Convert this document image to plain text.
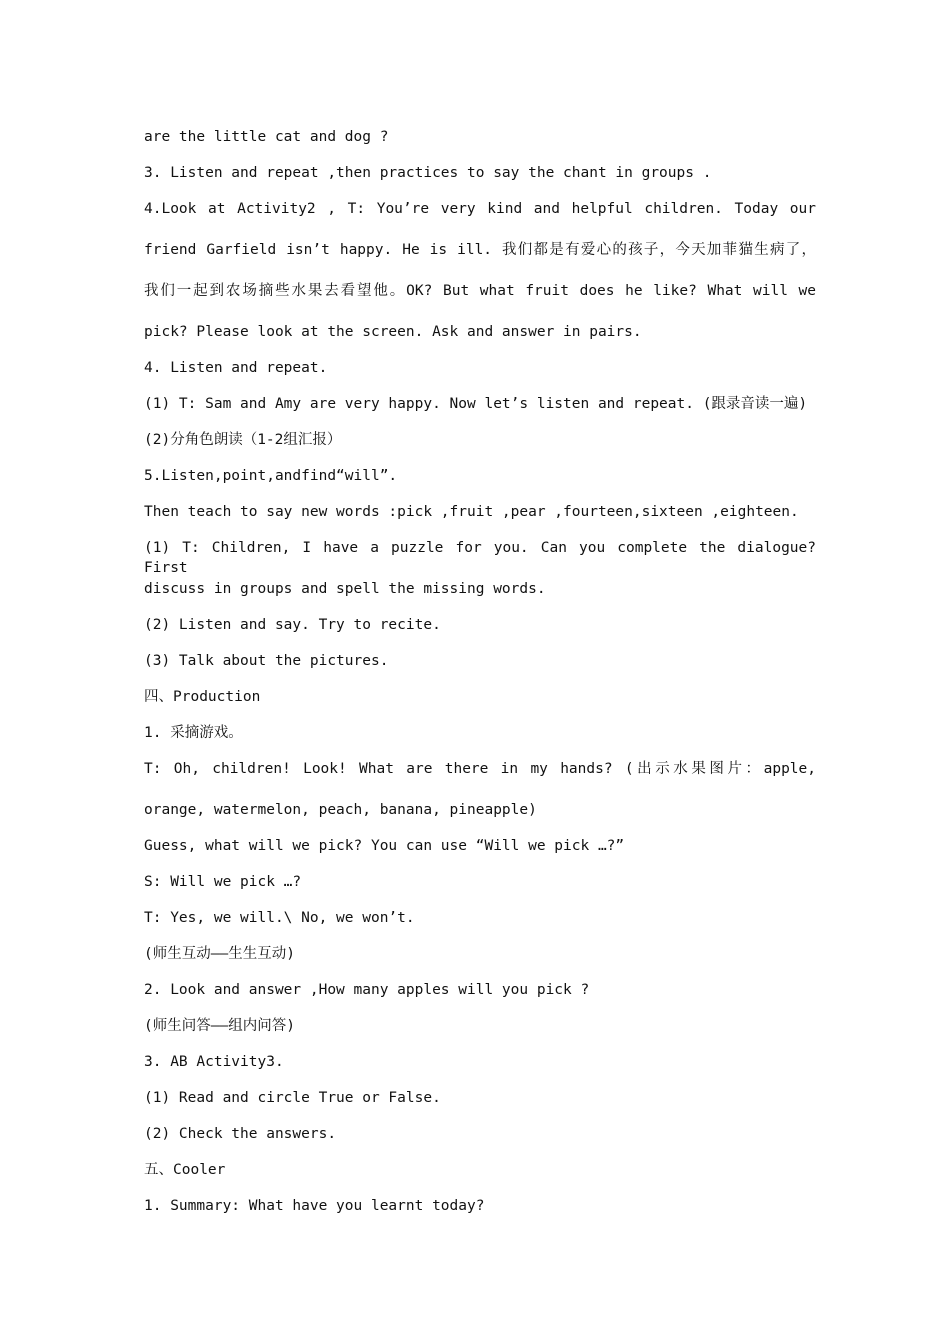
are the little cat and dog ?

3. Listen and repeat ,then practices to say the chant in groups .

4.Look at Activity2 , T: You’re very kind and helpful children. Today our

friend Garfield isn’t happy. He is ill. 我们都是有爱心的孩子，今天加菲猫生病了，

我们一起到农场摘些水果去看望他。OK? But what fruit does he like? What will we

pick? Please look at the screen. Ask and answer in pairs.

4. Listen and repeat.

(1) T: Sam and Amy are very happy. Now let’s listen and repeat. (跟录音读一遍)

(2)分角色朗读（1-2组汇报）

5.Listen,point,andfind“will”.

Then teach to say new words :pick ,fruit ,pear ,fourteen,sixteen ,eighteen.

(1) T: Children, I have a puzzle for you. Can you complete the dialogue? First

discuss in groups and spell the missing words.

(2) Listen and say. Try to recite.

(3) Talk about the pictures.

四、Production

1. 采摘游戏。

T: Oh, children! Look! What are there in my hands? (出示水果图片：apple,

orange, watermelon, peach, banana, pineapple)

Guess, what will we pick? You can use “Will we pick …?”

S: Will we pick …?

T: Yes, we will.\ No, we won’t.

(师生互动——生生互动)

2. Look and answer ,How many apples will you pick ?

(师生问答——组内问答)

3. AB Activity3.

(1) Read and circle True or False.

(2) Check the answers.

五、Cooler

1. Summary: What have you learnt today?
